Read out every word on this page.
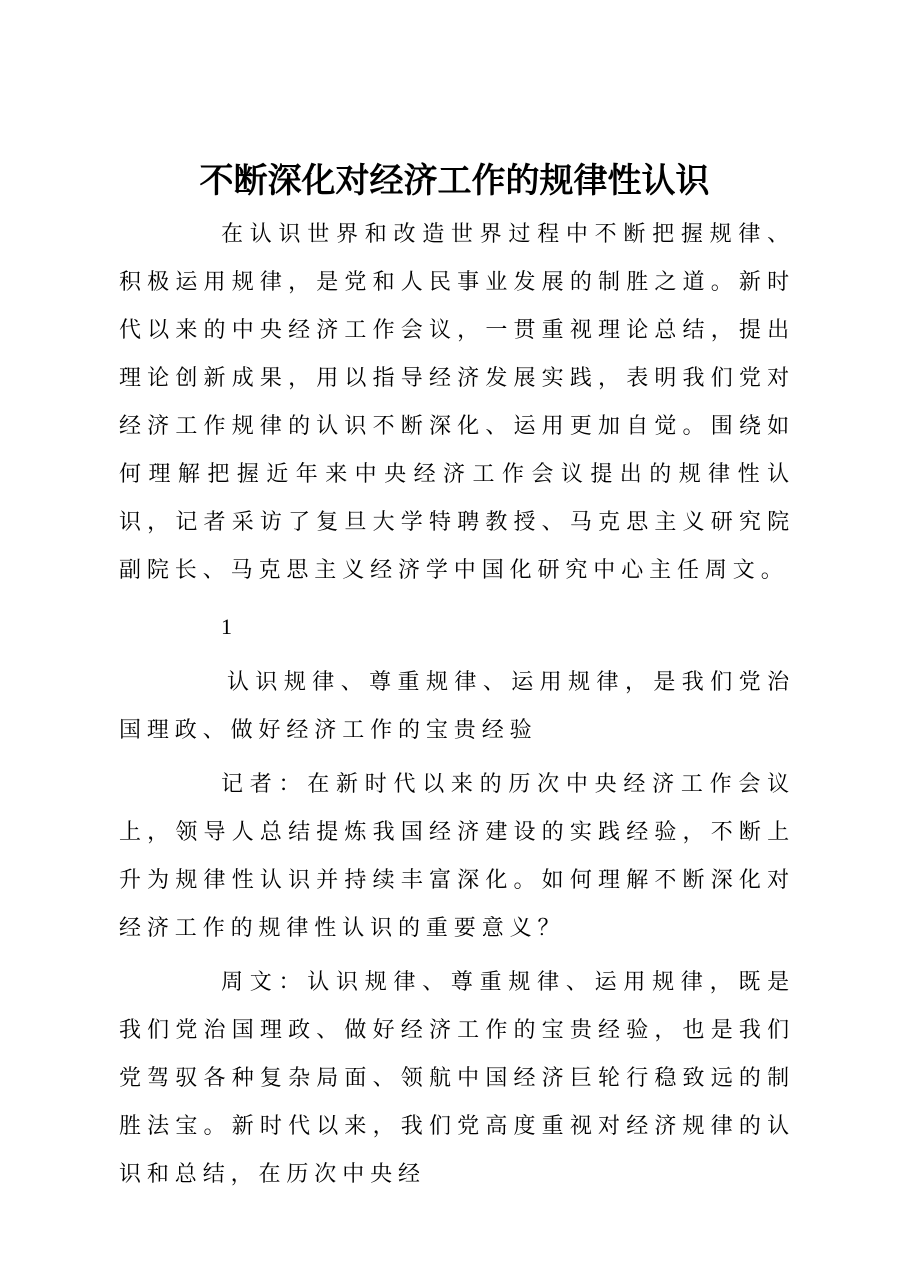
不断深化对经济工作的规律性认识

在认识世界和改造世界过程中不断把握规律、积极运用规律，是党和人民事业发展的制胜之道。新时代以来的中央经济工作会议，一贯重视理论总结，提出理论创新成果，用以指导经济发展实践，表明我们党对经济工作规律的认识不断深化、运用更加自觉。围绕如何理解把握近年来中央经济工作会议提出的规律性认识，记者采访了复旦大学特聘教授、马克思主义研究院副院长、马克思主义经济学中国化研究中心主任周文。

1

认识规律、尊重规律、运用规律，是我们党治国理政、做好经济工作的宝贵经验

记者：在新时代以来的历次中央经济工作会议上，领导人总结提炼我国经济建设的实践经验，不断上升为规律性认识并持续丰富深化。如何理解不断深化对经济工作的规律性认识的重要意义？

周文：认识规律、尊重规律、运用规律，既是我们党治国理政、做好经济工作的宝贵经验，也是我们党驾驭各种复杂局面、领航中国经济巨轮行稳致远的制胜法宝。新时代以来，我们党高度重视对经济规律的认识和总结，在历次中央经
